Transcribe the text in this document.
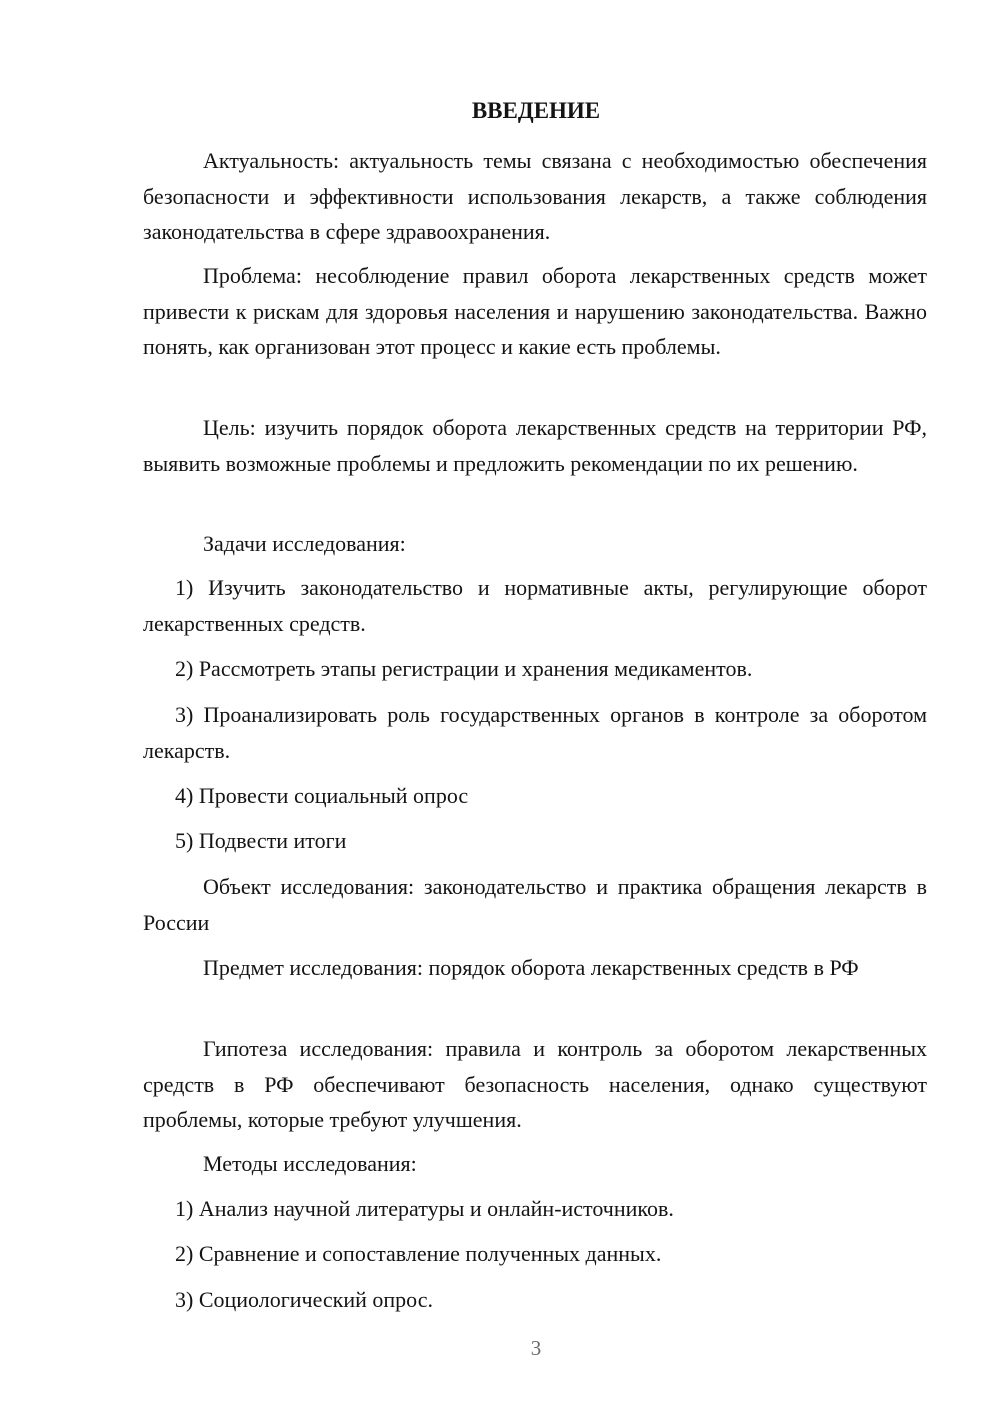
ВВЕДЕНИЕ

Актуальность: актуальность темы связана с необходимостью обеспечения безопасности и эффективности использования лекарств, а также соблюдения законодательства в сфере здравоохранения.

Проблема: несоблюдение правил оборота лекарственных средств может привести к рискам для здоровья населения и нарушению законодательства. Важно понять, как организован этот процесс и какие есть проблемы.

Цель: изучить порядок оборота лекарственных средств на территории РФ, выявить возможные проблемы и предложить рекомендации по их решению.

Задачи исследования:

1) Изучить законодательство и нормативные акты, регулирующие оборот лекарственных средств.

2) Рассмотреть этапы регистрации и хранения медикаментов.

3) Проанализировать роль государственных органов в контроле за оборотом лекарств.

4) Провести социальный опрос

5) Подвести итоги

Объект исследования: законодательство и практика обращения лекарств в России

Предмет исследования: порядок оборота лекарственных средств в РФ

Гипотеза исследования: правила и контроль за оборотом лекарственных средств в РФ обеспечивают безопасность населения, однако существуют проблемы, которые требуют улучшения.

Методы исследования:

1) Анализ научной литературы и онлайн-источников.

2) Сравнение и сопоставление полученных данных.

3) Социологический опрос.

3
